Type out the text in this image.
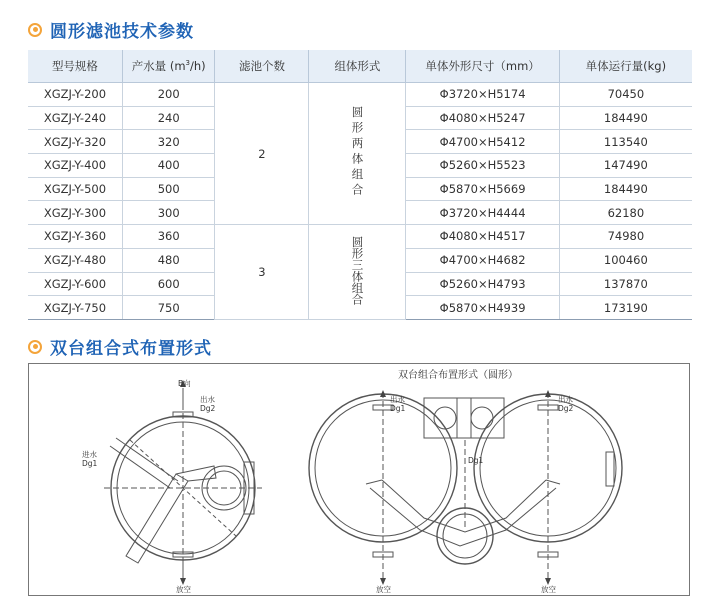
圆形滤池技术参数
型号规格	产水量 $(m^3/h)$	滤池个数	组体形式	单体外形尺寸（mm）	单体运行量(kg)
XGZJ-Y-200	200	2	圆形两体组合	Φ3720×H5174	70450
XGZJ-Y-240	240			Φ4080×H5247	184490
XGZJ-Y-320	320			Φ4700×H5412	113540
XGZJ-Y-400	400			Φ5260×H5523	147490
XGZJ-Y-500	500			Φ5870×H5669	184490
XGZJ-Y-300	300			Φ3720×H4444	62180
XGZJ-Y-360	360	3	圆形三体组合	Φ4080×H4517	74980
XGZJ-Y-480	480			Φ4700×H4682	100460
XGZJ-Y-600	600			Φ5260×H4793	137870
XGZJ-Y-750	750			Φ5870×H4939	173190
双台组合式布置形式
双台组合布置形式（圆形）
B向
出水
Dg2
进水
Dg1
放空
出水
Dg1
出水
Dg2
Dg1
放空	放空
